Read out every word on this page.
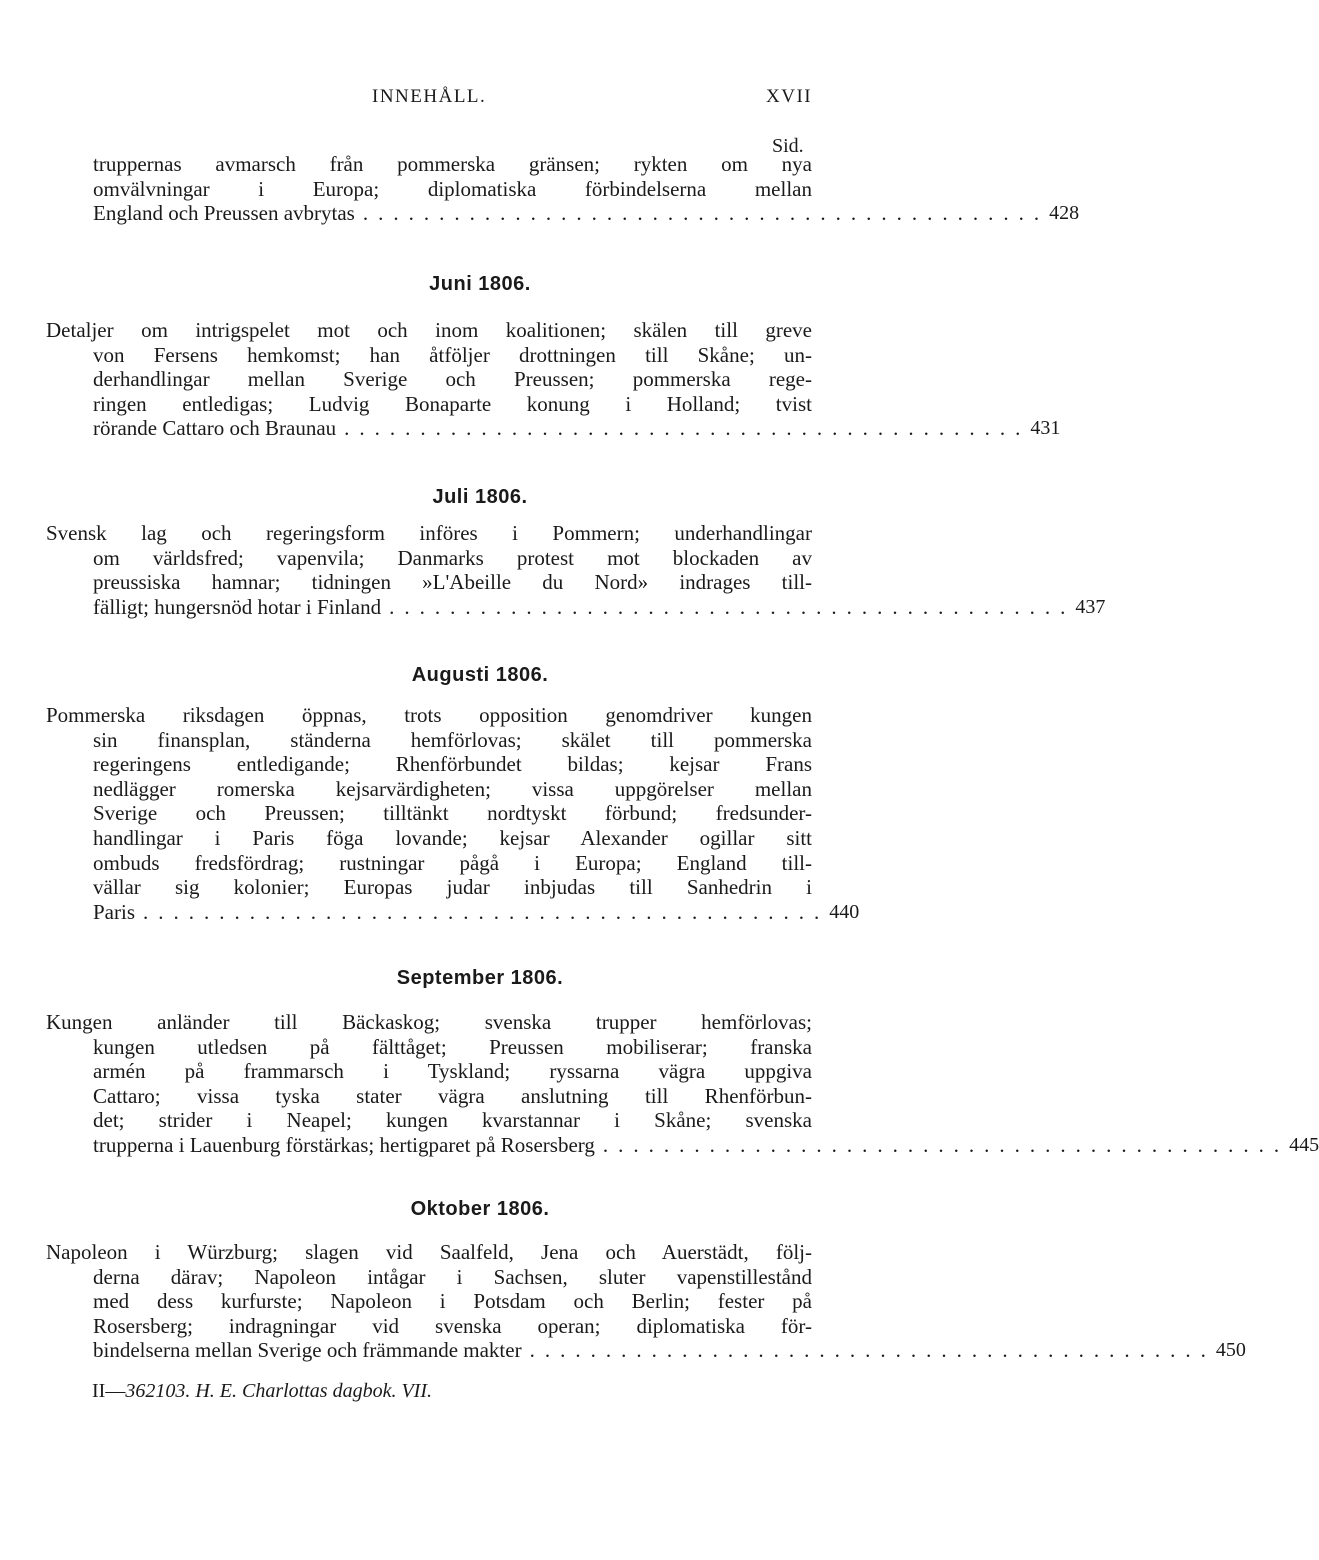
INNEHÅLL.	XVII
Sid.

truppernas avmarsch från pommerska gränsen; rykten om nya

omvälvningar i Europa; diplomatiska förbindelserna mellan

England och Preussen avbrytas ............................................. 428

Juni 1806.

Detaljer om intrigspelet mot och inom koalitionen; skälen till greve

von Fersens hemkomst; han åtföljer drottningen till Skåne; un-

derhandlingar mellan Sverige och Preussen; pommerska rege-

ringen entledigas; Ludvig Bonaparte konung i Holland; tvist

rörande Cattaro och Braunau ............................................. 431

Juli 1806.

Svensk lag och regeringsform införes i Pommern; underhandlingar

om världsfred; vapenvila; Danmarks protest mot blockaden av

preussiska hamnar; tidningen »L'Abeille du Nord» indrages till-

fälligt; hungersnöd hotar i Finland ............................................. 437

Augusti 1806.

Pommerska riksdagen öppnas, trots opposition genomdriver kungen

sin finansplan, ständerna hemförlovas; skälet till pommerska

regeringens entledigande; Rhenförbundet bildas; kejsar Frans

nedlägger romerska kejsarvärdigheten; vissa uppgörelser mellan

Sverige och Preussen; tilltänkt nordtyskt förbund; fredsunder-

handlingar i Paris föga lovande; kejsar Alexander ogillar sitt

ombuds fredsfördrag; rustningar pågå i Europa; England till-

vällar sig kolonier; Europas judar inbjudas till Sanhedrin i

Paris ............................................. 440

September 1806.

Kungen anländer till Bäckaskog; svenska trupper hemförlovas;

kungen utledsen på fälttåget; Preussen mobiliserar; franska

armén på frammarsch i Tyskland; ryssarna vägra uppgiva

Cattaro; vissa tyska stater vägra anslutning till Rhenförbun-

det; strider i Neapel; kungen kvarstannar i Skåne; svenska

trupperna i Lauenburg förstärkas; hertigparet på Rosersberg ............................................. 445

Oktober 1806.

Napoleon i Würzburg; slagen vid Saalfeld, Jena och Auerstädt, följ-

derna därav; Napoleon intågar i Sachsen, sluter vapenstillestånd

med dess kurfurste; Napoleon i Potsdam och Berlin; fester på

Rosersberg; indragningar vid svenska operan; diplomatiska för-

bindelserna mellan Sverige och främmande makter ............................................. 450

II—362103. H. E. Charlottas dagbok. VII.
